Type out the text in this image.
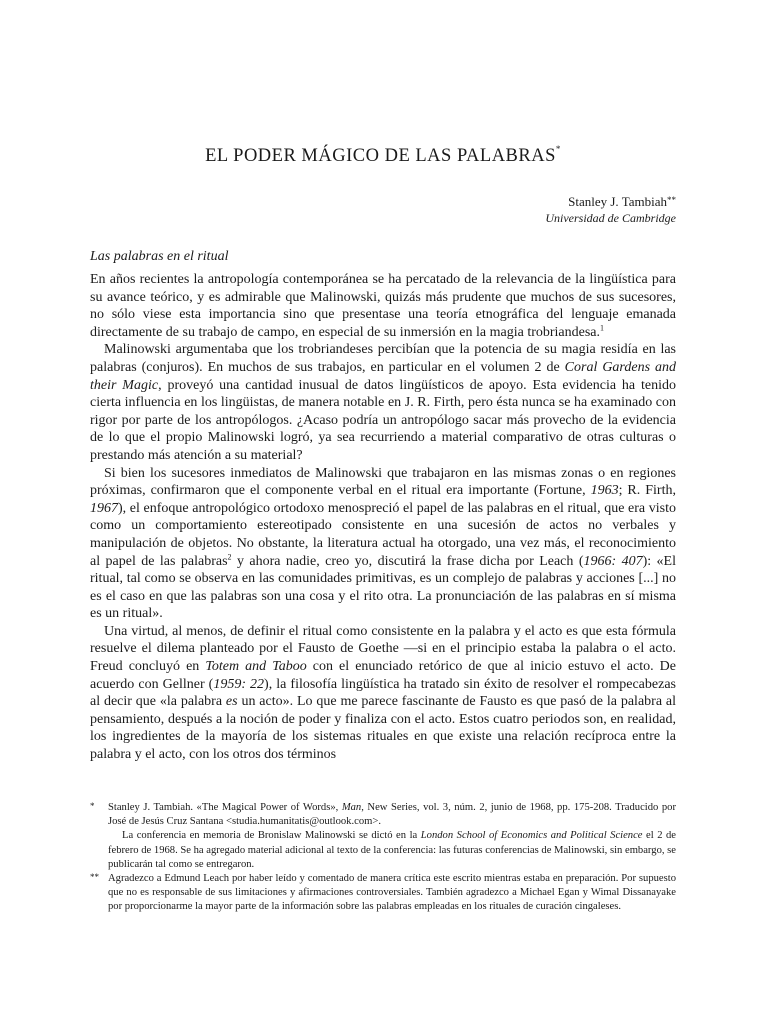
EL PODER MÁGICO DE LAS PALABRAS*
Stanley J. Tambiah**
Universidad de Cambridge
Las palabras en el ritual

En años recientes la antropología contemporánea se ha percatado de la relevancia de la lingüística para su avance teórico, y es admirable que Malinowski, quizás más prudente que muchos de sus sucesores, no sólo viese esta importancia sino que presentase una teoría etnográfica del lenguaje emanada directamente de su trabajo de campo, en especial de su inmersión en la magia trobriandesa.$^1$

Malinowski argumentaba que los trobriandeses percibían que la potencia de su magia residía en las palabras (conjuros). En muchos de sus trabajos, en particular en el volumen 2 de Coral Gardens and their Magic, proveyó una cantidad inusual de datos lingüísticos de apoyo. Esta evidencia ha tenido cierta influencia en los lingüistas, de manera notable en J. R. Firth, pero ésta nunca se ha examinado con rigor por parte de los antropólogos. ¿Acaso podría un antropólogo sacar más provecho de la evidencia de lo que el propio Malinowski logró, ya sea recurriendo a material comparativo de otras culturas o prestando más atención a su material?

Si bien los sucesores inmediatos de Malinowski que trabajaron en las mismas zonas o en regiones próximas, confirmaron que el componente verbal en el ritual era importante (Fortune, 1963; R. Firth, 1967), el enfoque antropológico ortodoxo menospreció el papel de las palabras en el ritual, que era visto como un comportamiento estereotipado consistente en una sucesión de actos no verbales y manipulación de objetos. No obstante, la literatura actual ha otorgado, una vez más, el reconocimiento al papel de las palabras$^2$ y ahora nadie, creo yo, discutirá la frase dicha por Leach (1966: 407): «El ritual, tal como se observa en las comunidades primitivas, es un complejo de palabras y acciones [...] no es el caso en que las palabras son una cosa y el rito otra. La pronunciación de las palabras en sí misma es un ritual».

Una virtud, al menos, de definir el ritual como consistente en la palabra y el acto es que esta fórmula resuelve el dilema planteado por el Fausto de Goethe —si en el principio estaba la palabra o el acto. Freud concluyó en Totem and Taboo con el enunciado retórico de que al inicio estuvo el acto. De acuerdo con Gellner (1959: 22), la filosofía lingüística ha tratado sin éxito de resolver el rompecabezas al decir que «la palabra es un acto». Lo que me parece fascinante de Fausto es que pasó de la palabra al pensamiento, después a la noción de poder y finaliza con el acto. Estos cuatro periodos son, en realidad, los ingredientes de la mayoría de los sistemas rituales en que existe una relación recíproca entre la palabra y el acto, con los otros dos términos

* Stanley J. Tambiah. «The Magical Power of Words», Man, New Series, vol. 3, núm. 2, junio de 1968, pp. 175-208. Traducido por José de Jesús Cruz Santana <studia.humanitatis@outlook.com>.

La conferencia en memoria de Bronislaw Malinowski se dictó en la London School of Economics and Political Science el 2 de febrero de 1968. Se ha agregado material adicional al texto de la conferencia: las futuras conferencias de Malinowski, sin embargo, se publicarán tal como se entregaron.

** Agradezco a Edmund Leach por haber leído y comentado de manera crítica este escrito mientras estaba en preparación. Por supuesto que no es responsable de sus limitaciones y afirmaciones controversiales. También agradezco a Michael Egan y Wimal Dissanayake por proporcionarme la mayor parte de la información sobre las palabras empleadas en los rituales de curación cingaleses.
